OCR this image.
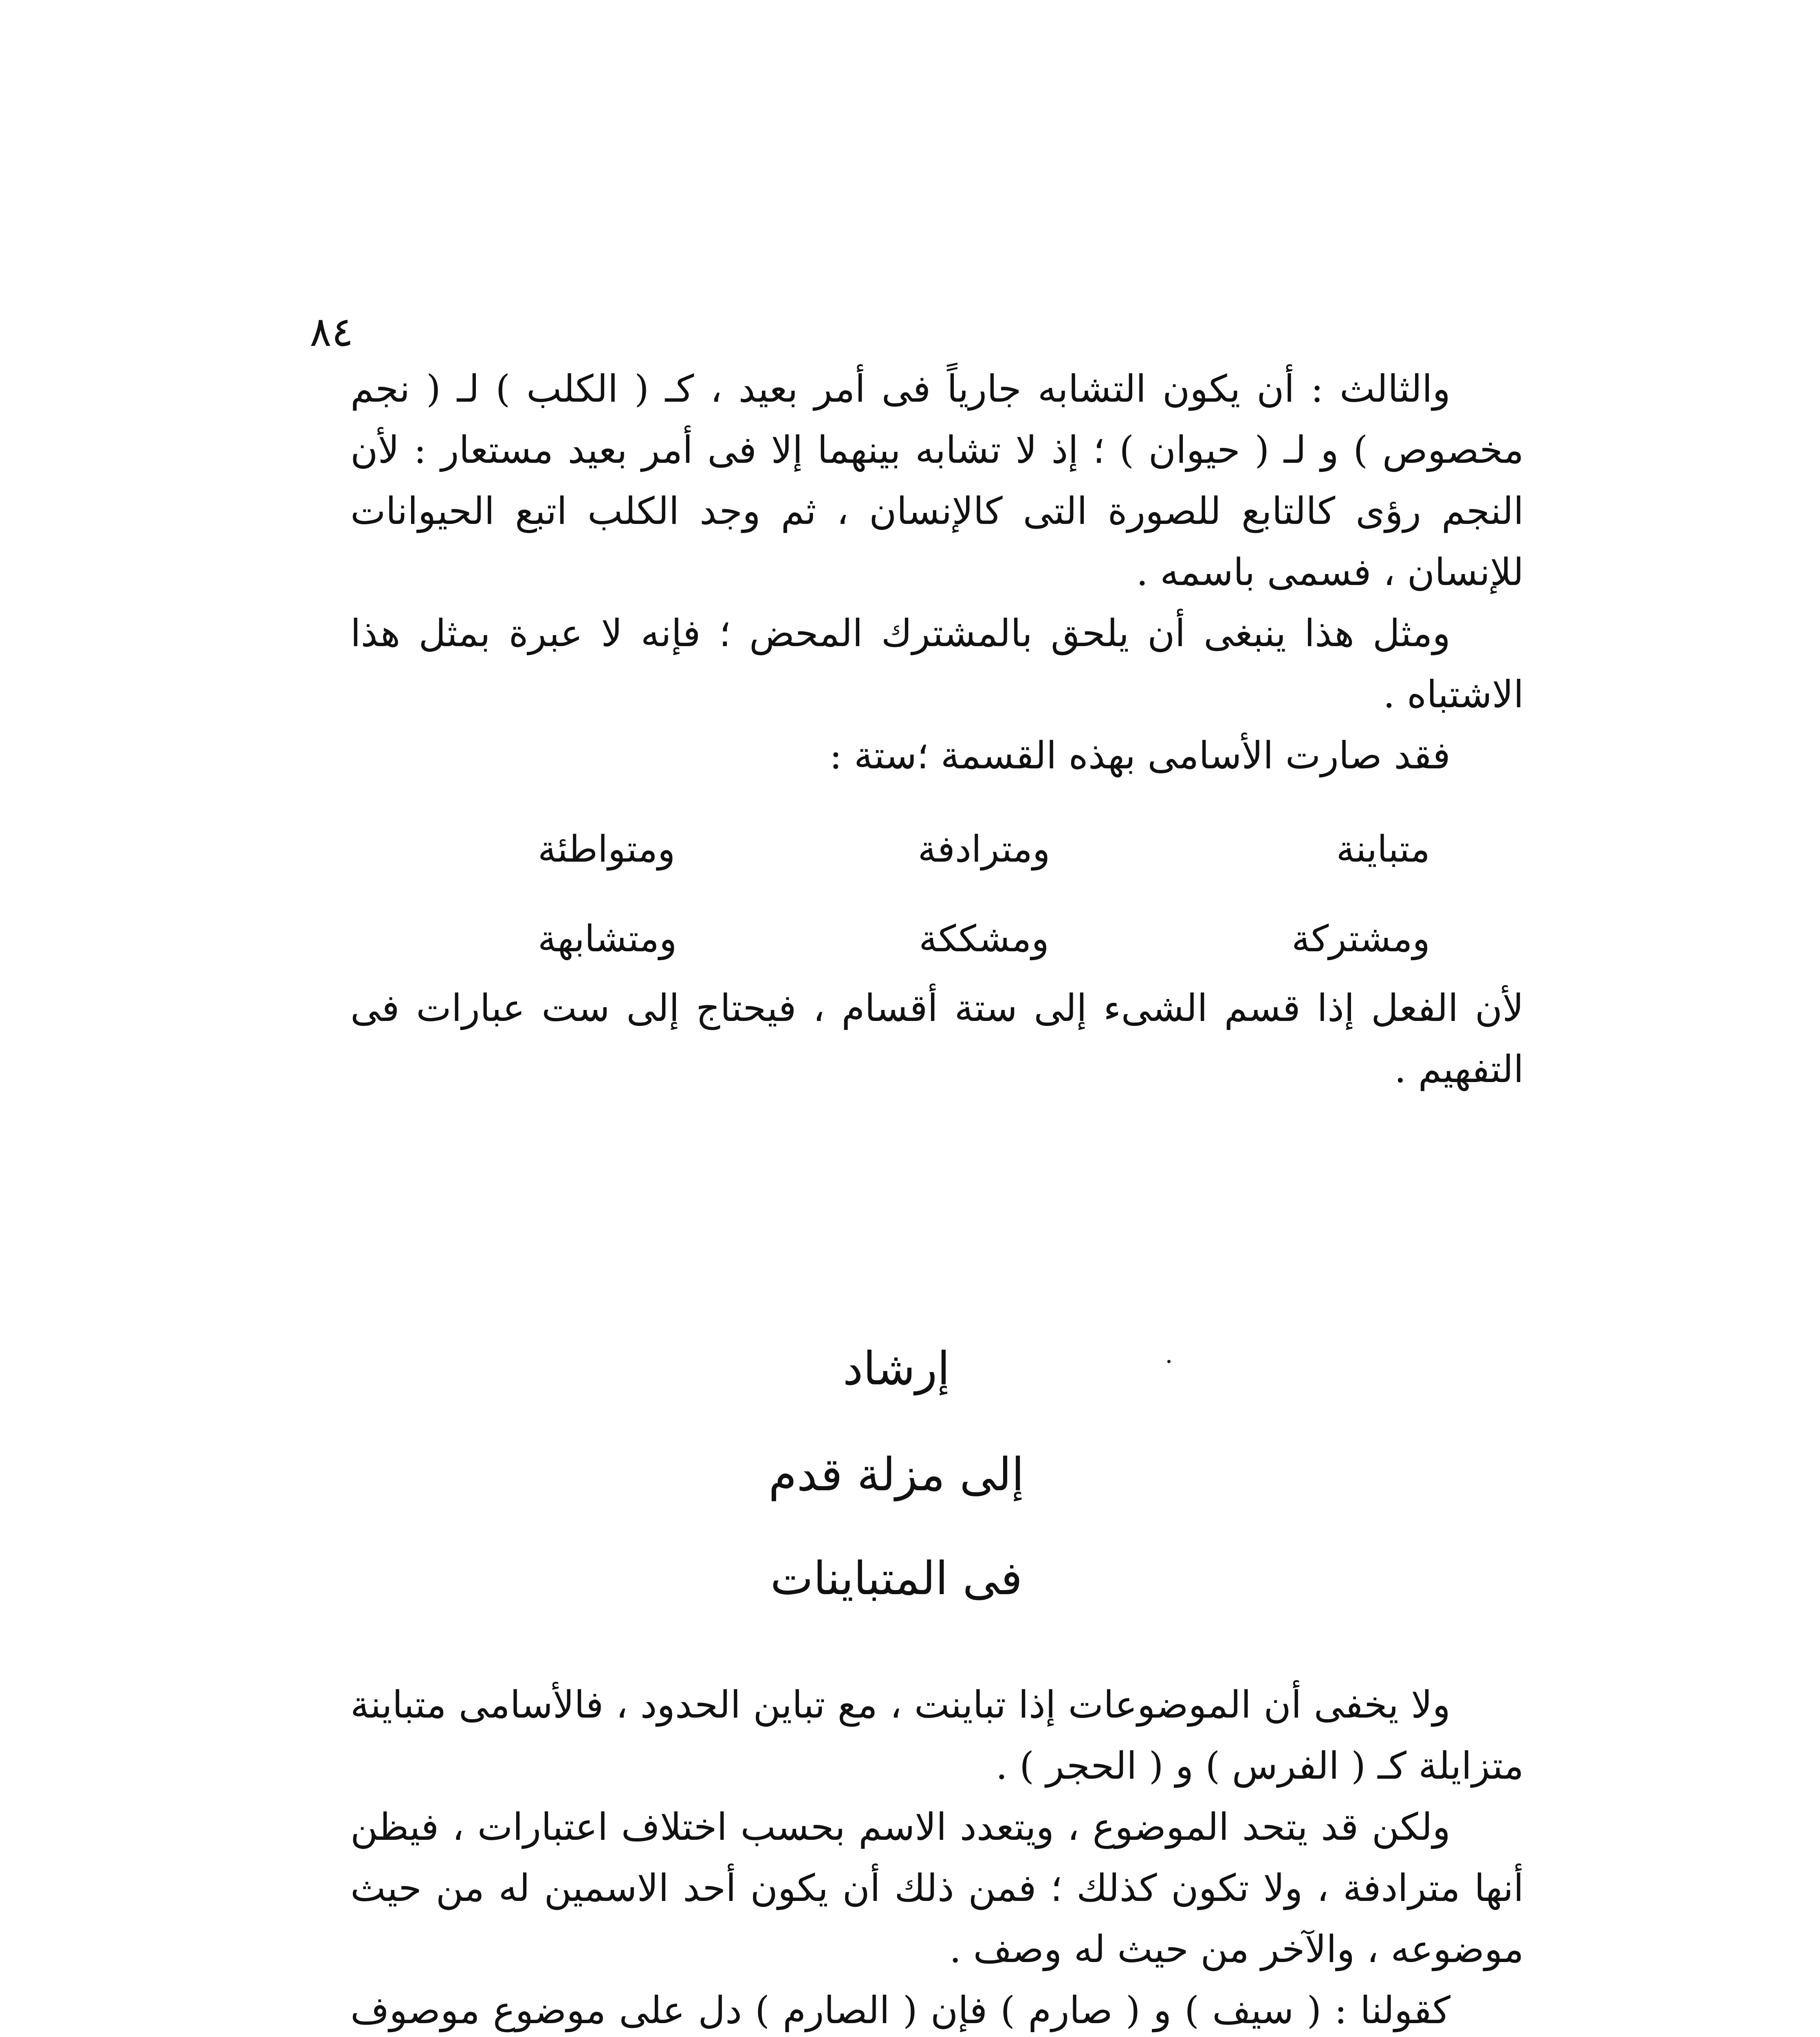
٨٤

والثالث : أن يكون التشابه جارياً فى أمر بعيد ، كـ ( الكلب ) لـ ( نجم مخصوص ) و لـ ( حيوان ) ؛ إذ لا تشابه بينهما إلا فى أمر بعيد مستعار : لأن النجم رؤى كالتابع للصورة التى كالإنسان ، ثم وجد الكلب اتبع الحيوانات للإنسان ، فسمى باسمه .

ومثل هذا ينبغى أن يلحق بالمشترك المحض ؛ فإنه لا عبرة بمثل هذا الاشتباه .

فقد صارت الأسامى بهذه القسمة ؛ستة :

متباينة
ومترادفة
ومتواطئة
ومشتركة
ومشككة
ومتشابهة

لأن الفعل إذا قسم الشىء إلى ستة أقسام ، فيحتاج إلى ست عبارات فى التفهيم .

إرشاد
إلى مزلة قدم
فى المتباينات

ولا يخفى أن الموضوعات إذا تباينت ، مع تباين الحدود ، فالأسامى متباينة متزايلة كـ ( الفرس ) و ( الحجر ) .

ولكن قد يتحد الموضوع ، ويتعدد الاسم بحسب اختلاف اعتبارات ، فيظن أنها مترادفة ، ولا تكون كذلك ؛ فمن ذلك أن يكون أحد الاسمين له من حيث موضوعه ، والآخر من حيث له وصف .

كقولنا : ( سيف ) و ( صارم ) فإن ( الصارم ) دل على موضوع موصوف
